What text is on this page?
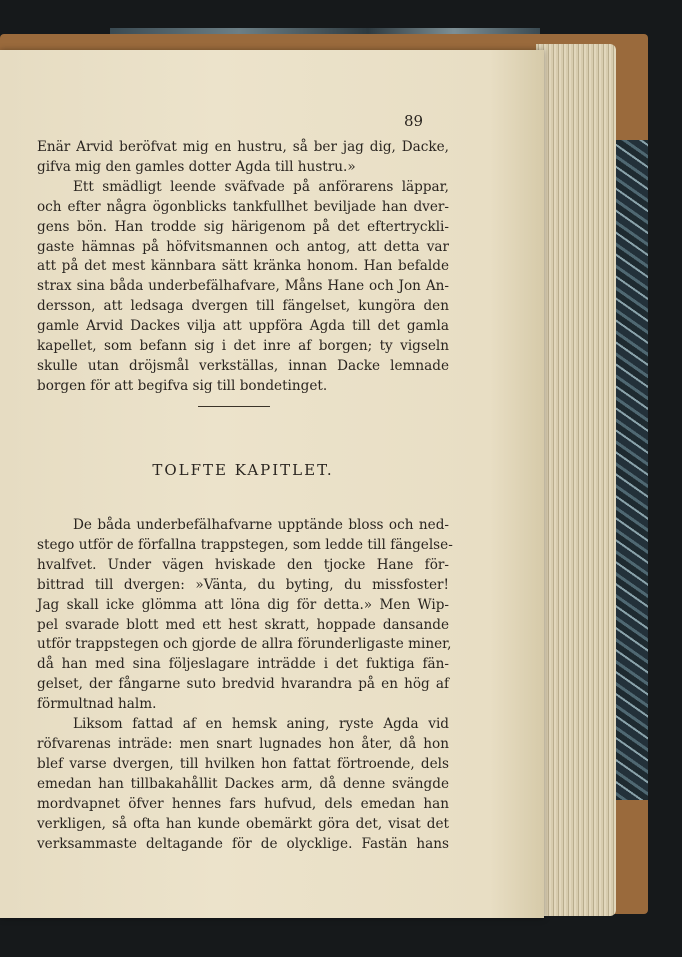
89
Enär Arvid beröfvat mig en hustru, så ber jag dig, Dacke,
gifva mig den gamles dotter Agda till hustru.»
Ett smädligt leende sväfvade på anförarens läppar,
och efter några ögonblicks tankfullhet beviljade han dver-
gens bön. Han trodde sig härigenom på det eftertryckli-
gaste hämnas på höfvitsmannen och antog, att detta var
att på det mest kännbara sätt kränka honom. Han befalde
strax sina båda underbefälhafvare, Måns Hane och Jon An-
dersson, att ledsaga dvergen till fängelset, kungöra den
gamle Arvid Dackes vilja att uppföra Agda till det gamla
kapellet, som befann sig i det inre af borgen; ty vigseln
skulle utan dröjsmål verkställas, innan Dacke lemnade
borgen för att begifva sig till bondetinget.
TOLFTE KAPITLET.
De båda underbefälhafvarne upptände bloss och ned-
stego utför de förfallna trappstegen, som ledde till fängelse-
hvalfvet. Under vägen hviskade den tjocke Hane för-
bittrad till dvergen: »Vänta, du byting, du missfoster!
Jag skall icke glömma att löna dig för detta.» Men Wip-
pel svarade blott med ett hest skratt, hoppade dansande
utför trappstegen och gjorde de allra förunderligaste miner,
då han med sina följeslagare inträdde i det fuktiga fän-
gelset, der fångarne suto bredvid hvarandra på en hög af
förmultnad halm.
Liksom fattad af en hemsk aning, ryste Agda vid
röfvarenas inträde: men snart lugnades hon åter, då hon
blef varse dvergen, till hvilken hon fattat förtroende, dels
emedan han tillbakahållit Dackes arm, då denne svängde
mordvapnet öfver hennes fars hufvud, dels emedan han
verkligen, så ofta han kunde obemärkt göra det, visat det
verksammaste deltagande för de olycklige. Fastän hans
